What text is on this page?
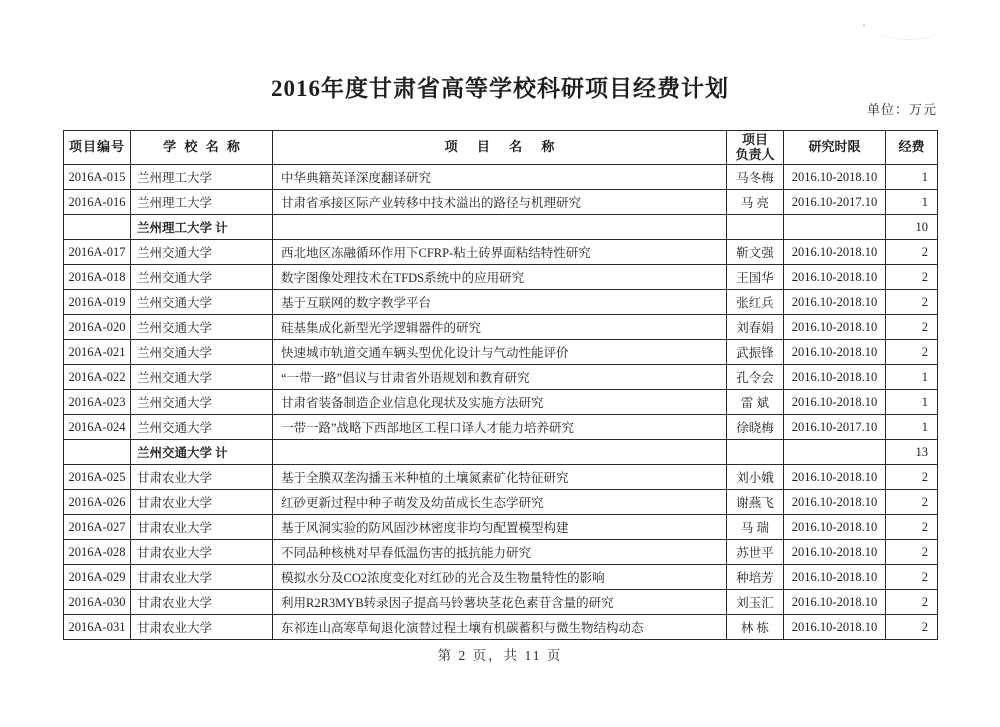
2016年度甘肃省高等学校科研项目经费计划
单位：万元
项目编号	学 校 名 称	项 目 名 称	项目
负责人	研究时限	经费
2016A-015	兰州理工大学	中华典籍英译深度翻译研究	马冬梅	2016.10-2018.10	1
2016A-016	兰州理工大学	甘肃省承接区际产业转移中技术溢出的路径与机理研究	马 亮	2016.10-2017.10	1
	兰州理工大学 计				10
2016A-017	兰州交通大学	西北地区冻融循环作用下CFRP-粘土砖界面粘结特性研究	靳文强	2016.10-2018.10	2
2016A-018	兰州交通大学	数字图像处理技术在TFDS系统中的应用研究	王国华	2016.10-2018.10	2
2016A-019	兰州交通大学	基于互联网的数字教学平台	张红兵	2016.10-2018.10	2
2016A-020	兰州交通大学	硅基集成化新型光学逻辑器件的研究	刘春娟	2016.10-2018.10	2
2016A-021	兰州交通大学	快速城市轨道交通车辆头型优化设计与气动性能评价	武振锋	2016.10-2018.10	2
2016A-022	兰州交通大学	“一带一路”倡议与甘肃省外语规划和教育研究	孔令会	2016.10-2018.10	1
2016A-023	兰州交通大学	甘肃省装备制造企业信息化现状及实施方法研究	雷 斌	2016.10-2018.10	1
2016A-024	兰州交通大学	一带一路”战略下西部地区工程口译人才能力培养研究	徐晓梅	2016.10-2017.10	1
	兰州交通大学 计				13
2016A-025	甘肃农业大学	基于全膜双垄沟播玉米种植的土壤氮素矿化特征研究	刘小娥	2016.10-2018.10	2
2016A-026	甘肃农业大学	红砂更新过程中种子萌发及幼苗成长生态学研究	谢燕飞	2016.10-2018.10	2
2016A-027	甘肃农业大学	基于风洞实验的防风固沙林密度非均匀配置模型构建	马 瑞	2016.10-2018.10	2
2016A-028	甘肃农业大学	不同品种核桃对早春低温伤害的抵抗能力研究	苏世平	2016.10-2018.10	2
2016A-029	甘肃农业大学	模拟水分及CO2浓度变化对红砂的光合及生物量特性的影响	种培芳	2016.10-2018.10	2
2016A-030	甘肃农业大学	利用R2R3MYB转录因子提高马铃薯块茎花色素苷含量的研究	刘玉汇	2016.10-2018.10	2
2016A-031	甘肃农业大学	东祁连山高寒草甸退化演替过程土壤有机碳蓄积与微生物结构动态	林 栋	2016.10-2018.10	2
第 2 页，共 11 页
